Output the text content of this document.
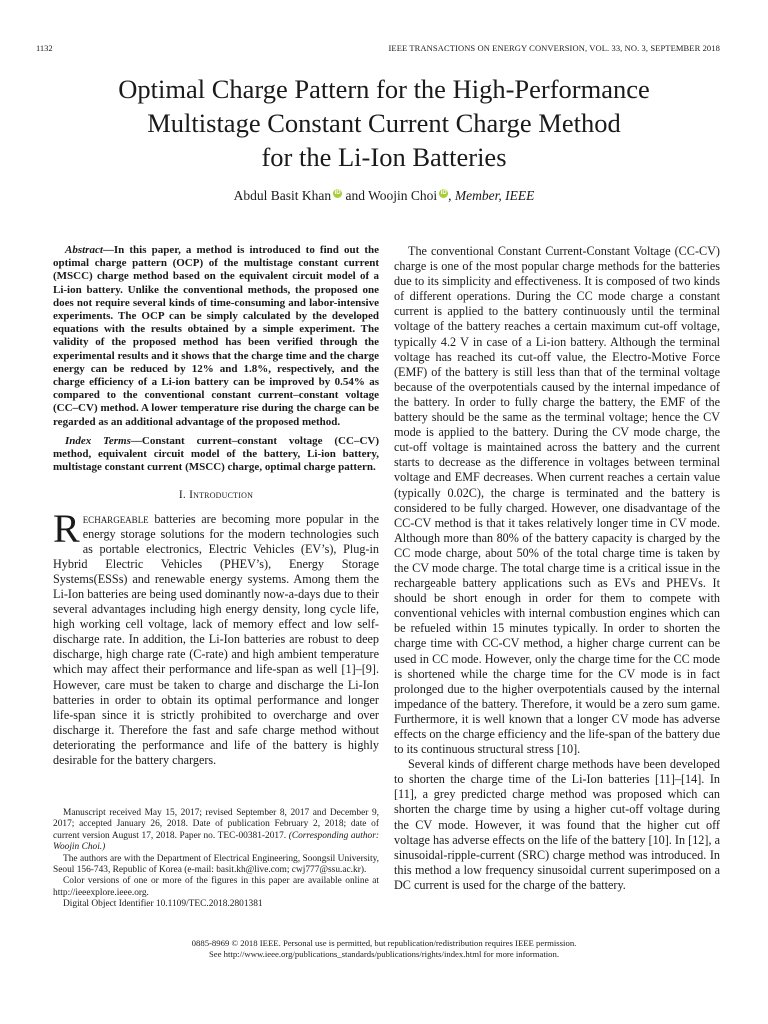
1132	IEEE TRANSACTIONS ON ENERGY CONVERSION, VOL. 33, NO. 3, SEPTEMBER 2018
Optimal Charge Pattern for the High-Performance
Multistage Constant Current Charge Method
for the Li-Ion Batteries
Abdul Basit Khan iD and Woojin Choi iD , Member, IEEE

Abstract—In this paper, a method is introduced to find out the optimal charge pattern (OCP) of the multistage constant current (MSCC) charge method based on the equivalent circuit model of a Li-ion battery. Unlike the conventional methods, the proposed one does not require several kinds of time-consuming and labor-intensive experiments. The OCP can be simply calculated by the developed equations with the results obtained by a simple experiment. The validity of the proposed method has been verified through the experimental results and it shows that the charge time and the charge energy can be reduced by 12% and 1.8%, respectively, and the charge efficiency of a Li-ion battery can be improved by 0.54% as compared to the conventional constant current–constant voltage (CC–CV) method. A lower temperature rise during the charge can be regarded as an additional advantage of the proposed method.

Index Terms—Constant current–constant voltage (CC–CV) method, equivalent circuit model of the battery, Li-ion battery, multistage constant current (MSCC) charge, optimal charge pattern.

I. Introduction

Rechargeable batteries are becoming more popular in the energy storage solutions for the modern technologies such as portable electronics, Electric Vehicles (EV’s), Plug-in Hybrid Electric Vehicles (PHEV’s), Energy Storage Systems(ESSs) and renewable energy systems. Among them the Li-Ion batteries are being used dominantly now-a-days due to their several advantages including high energy density, long cycle life, high working cell voltage, lack of memory effect and low self-discharge rate. In addition, the Li-Ion batteries are robust to deep discharge, high charge rate (C-rate) and high ambient temperature which may affect their performance and life-span as well [1]–[9]. However, care must be taken to charge and discharge the Li-Ion batteries in order to obtain its optimal performance and longer life-span since it is strictly prohibited to overcharge and over discharge it. Therefore the fast and safe charge method without deteriorating the performance and life of the battery is highly desirable for the battery chargers.

Manuscript received May 15, 2017; revised September 8, 2017 and December 9, 2017; accepted January 26, 2018. Date of publication February 2, 2018; date of current version August 17, 2018. Paper no. TEC-00381-2017. (Corresponding author: Woojin Choi.)

The authors are with the Department of Electrical Engineering, Soongsil University, Seoul 156-743, Republic of Korea (e-mail: basit.kh@live.com; cwj777@ssu.ac.kr).

Color versions of one or more of the figures in this paper are available online at http://ieeexplore.ieee.org.

Digital Object Identifier 10.1109/TEC.2018.2801381

The conventional Constant Current-Constant Voltage (CC-CV) charge is one of the most popular charge methods for the batteries due to its simplicity and effectiveness. It is composed of two kinds of different operations. During the CC mode charge a constant current is applied to the battery continuously until the terminal voltage of the battery reaches a certain maximum cut-off voltage, typically 4.2 V in case of a Li-ion battery. Although the terminal voltage has reached its cut-off value, the Electro-Motive Force (EMF) of the battery is still less than that of the terminal voltage because of the overpotentials caused by the internal impedance of the battery. In order to fully charge the battery, the EMF of the battery should be the same as the terminal voltage; hence the CV mode is applied to the battery. During the CV mode charge, the cut-off voltage is maintained across the battery and the current starts to decrease as the difference in voltages between terminal voltage and EMF decreases. When current reaches a certain value (typically 0.02C), the charge is terminated and the battery is considered to be fully charged. However, one disadvantage of the CC-CV method is that it takes relatively longer time in CV mode. Although more than 80% of the battery capacity is charged by the CC mode charge, about 50% of the total charge time is taken by the CV mode charge. The total charge time is a critical issue in the rechargeable battery applications such as EVs and PHEVs. It should be short enough in order for them to compete with conventional vehicles with internal combustion engines which can be refueled within 15 minutes typically. In order to shorten the charge time with CC-CV method, a higher charge current can be used in CC mode. However, only the charge time for the CC mode is shortened while the charge time for the CV mode is in fact prolonged due to the higher overpotentials caused by the internal impedance of the battery. Therefore, it would be a zero sum game. Furthermore, it is well known that a longer CV mode has adverse effects on the charge efficiency and the life-span of the battery due to its continuous structural stress [10].

Several kinds of different charge methods have been developed to shorten the charge time of the Li-Ion batteries [11]–[14]. In [11], a grey predicted charge method was proposed which can shorten the charge time by using a higher cut-off voltage during the CV mode. However, it was found that the higher cut off voltage has adverse effects on the life of the battery [10]. In [12], a sinusoidal-ripple-current (SRC) charge method was introduced. In this method a low frequency sinusoidal current superimposed on a DC current is used for the charge of the battery.

0885-8969 © 2018 IEEE. Personal use is permitted, but republication/redistribution requires IEEE permission.
See http://www.ieee.org/publications_standards/publications/rights/index.html for more information.
